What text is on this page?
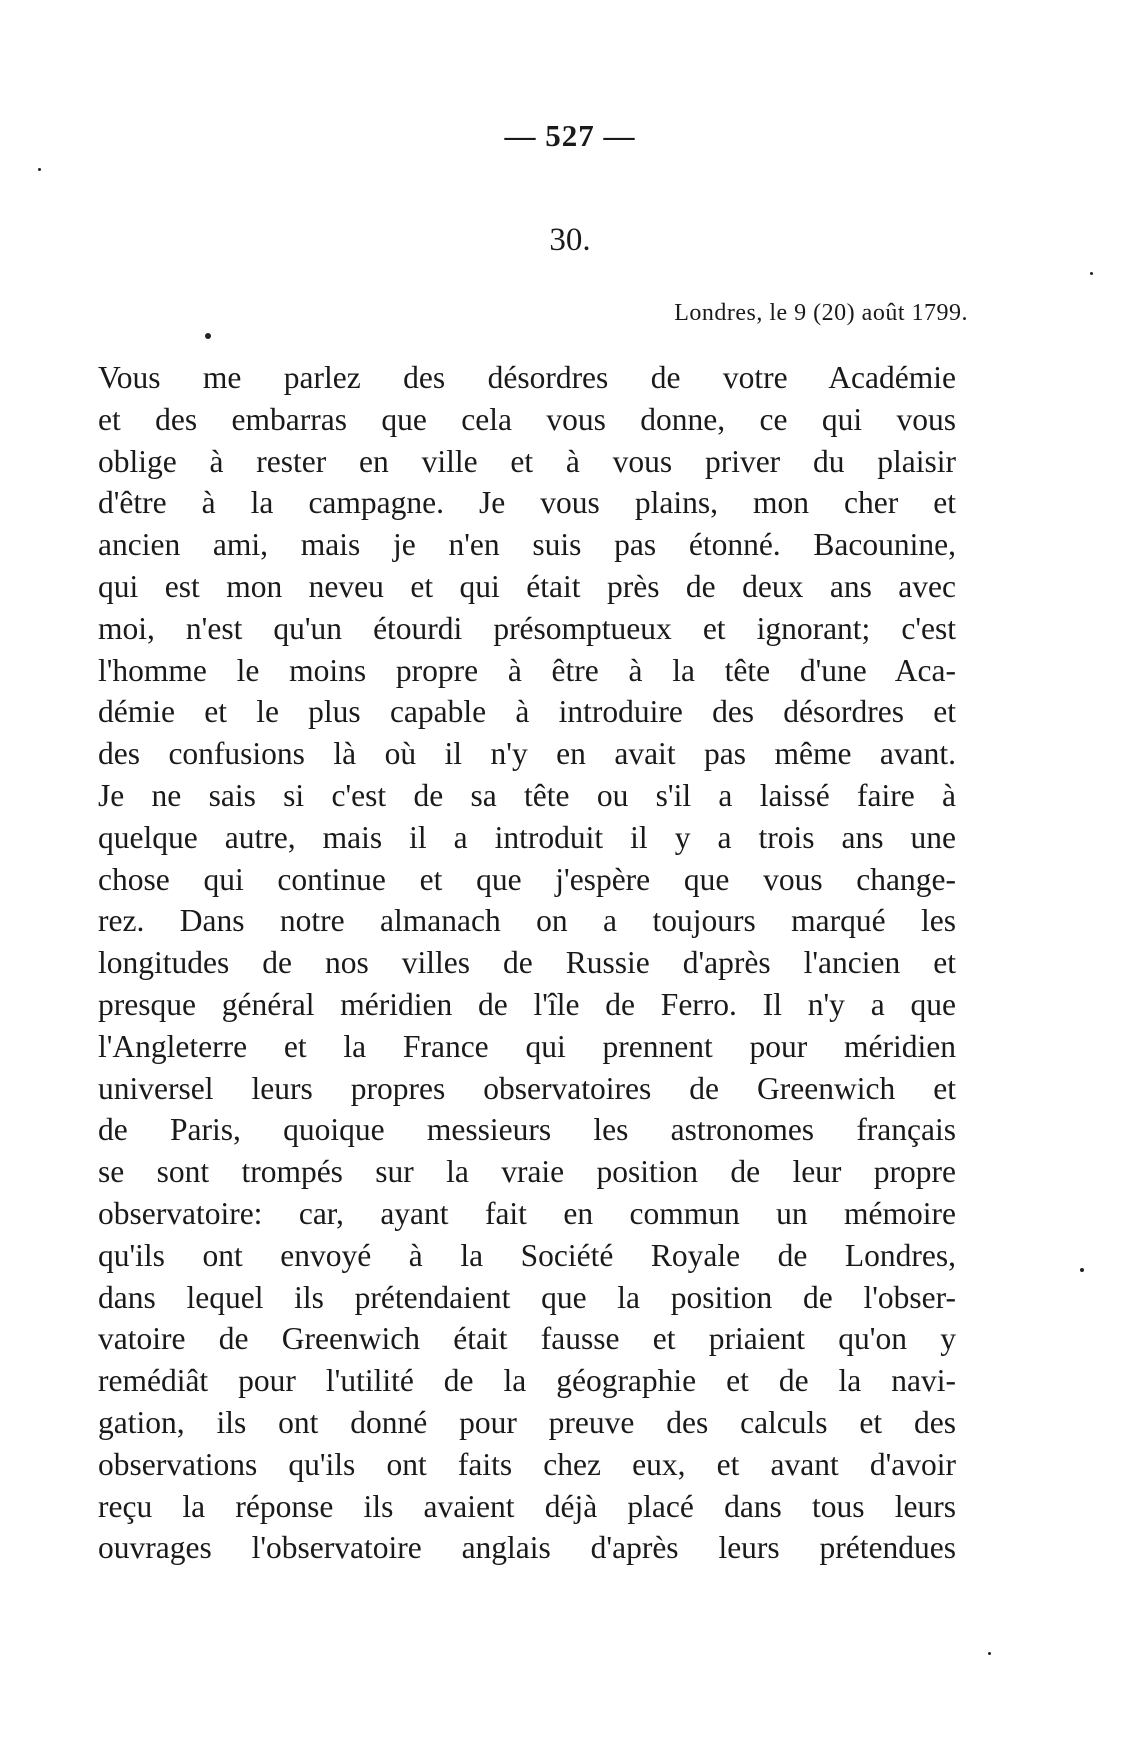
— 527 —
30.
Londres, le 9 (20) août 1799.
Vous me parlez des désordres de votre Académie
et des embarras que cela vous donne, ce qui vous
oblige à rester en ville et à vous priver du plaisir
d'être à la campagne. Je vous plains, mon cher et
ancien ami, mais je n'en suis pas étonné. Bacounine,
qui est mon neveu et qui était près de deux ans avec
moi, n'est qu'un étourdi présomptueux et ignorant; c'est
l'homme le moins propre à être à la tête d'une Aca-
démie et le plus capable à introduire des désordres et
des confusions là où il n'y en avait pas même avant.
Je ne sais si c'est de sa tête ou s'il a laissé faire à
quelque autre, mais il a introduit il y a trois ans une
chose qui continue et que j'espère que vous change-
rez. Dans notre almanach on a toujours marqué les
longitudes de nos villes de Russie d'après l'ancien et
presque général méridien de l'île de Ferro. Il n'y a que
l'Angleterre et la France qui prennent pour méridien
universel leurs propres observatoires de Greenwich et
de Paris, quoique messieurs les astronomes français
se sont trompés sur la vraie position de leur propre
observatoire: car, ayant fait en commun un mémoire
qu'ils ont envoyé à la Société Royale de Londres,
dans lequel ils prétendaient que la position de l'obser-
vatoire de Greenwich était fausse et priaient qu'on y
remédiât pour l'utilité de la géographie et de la navi-
gation, ils ont donné pour preuve des calculs et des
observations qu'ils ont faits chez eux, et avant d'avoir
reçu la réponse ils avaient déjà placé dans tous leurs
ouvrages l'observatoire anglais d'après leurs prétendues
